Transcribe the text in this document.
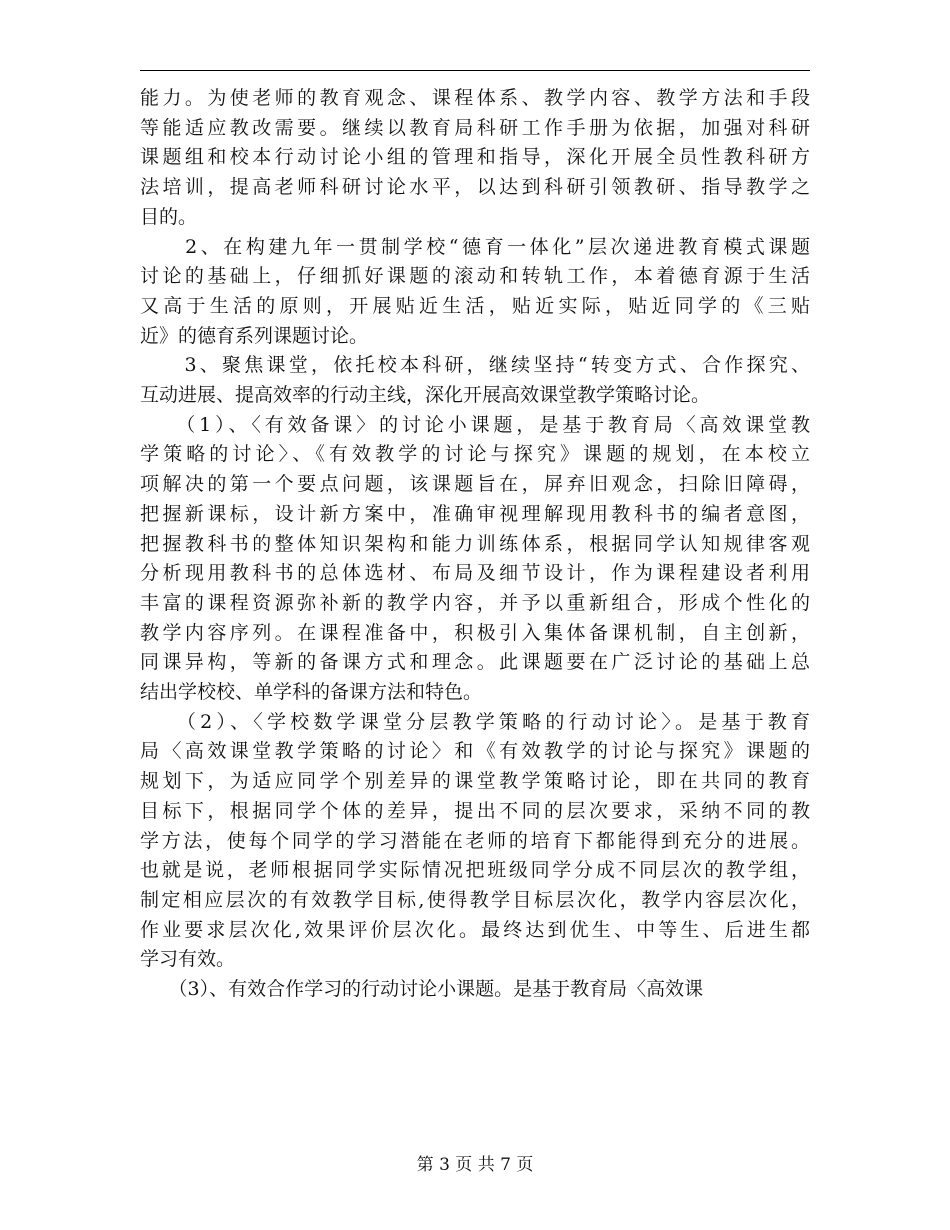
能力。为使老师的教育观念、课程体系、教学内容、教学方法和手段
等能适应教改需要。继续以教育局科研工作手册为依据，加强对科研
课题组和校本行动讨论小组的管理和指导，深化开展全员性教科研方
法培训，提高老师科研讨论水平，以达到科研引领教研、指导教学之
目的。
　　2、在构建九年一贯制学校“德育一体化”层次递进教育模式课题
讨论的基础上，仔细抓好课题的滚动和转轨工作，本着德育源于生活
又高于生活的原则，开展贴近生活，贴近实际，贴近同学的《三贴
近》的德育系列课题讨论。
　　3、聚焦课堂，依托校本科研，继续坚持“转变方式、合作探究、
互动进展、提高效率的行动主线，深化开展高效课堂教学策略讨论。
　　（1）、〈有效备课〉的讨论小课题，是基于教育局〈高效课堂教
学策略的讨论〉、《有效教学的讨论与探究》课题的规划，在本校立
项解决的第一个要点问题，该课题旨在，屏弃旧观念，扫除旧障碍，
把握新课标，设计新方案中，准确审视理解现用教科书的编者意图，
把握教科书的整体知识架构和能力训练体系，根据同学认知规律客观
分析现用教科书的总体选材、布局及细节设计，作为课程建设者利用
丰富的课程资源弥补新的教学内容，并予以重新组合，形成个性化的
教学内容序列。在课程准备中，积极引入集体备课机制，自主创新，
同课异构，等新的备课方式和理念。此课题要在广泛讨论的基础上总
结出学校校、单学科的备课方法和特色。
　　（2）、〈学校数学课堂分层教学策略的行动讨论〉。是基于教育
局〈高效课堂教学策略的讨论〉和《有效教学的讨论与探究》课题的
规划下，为适应同学个别差异的课堂教学策略讨论，即在共同的教育
目标下，根据同学个体的差异，提出不同的层次要求，采纳不同的教
学方法，使每个同学的学习潜能在老师的培育下都能得到充分的进展。
也就是说，老师根据同学实际情况把班级同学分成不同层次的教学组，
制定相应层次的有效教学目标,使得教学目标层次化，教学内容层次化，
作业要求层次化,效果评价层次化。最终达到优生、中等生、后进生都
学习有效。
　　（3）、有效合作学习的行动讨论小课题。是基于教育局〈高效课
第 3 页 共 7 页
